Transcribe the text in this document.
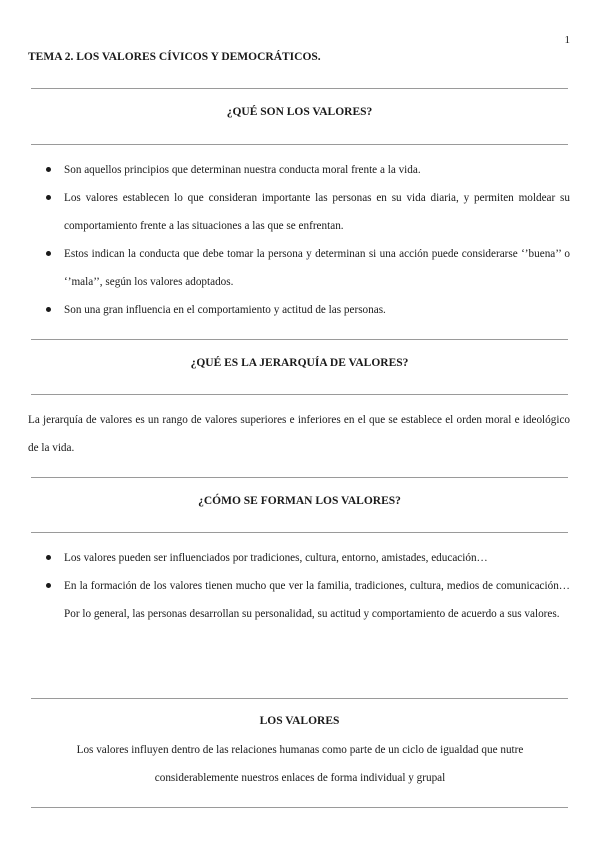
1
TEMA 2. LOS VALORES CÍVICOS Y DEMOCRÁTICOS.
¿QUÉ SON LOS VALORES?
Son aquellos principios que determinan nuestra conducta moral frente a la vida.
Los valores establecen lo que consideran importante las personas en su vida diaria, y permiten moldear su comportamiento frente a las situaciones a las que se enfrentan.
Estos indican la conducta que debe tomar la persona y determinan si una acción puede considerarse ‘’buena’’ o ‘’mala’’, según los valores adoptados.
Son una gran influencia en el comportamiento y actitud de las personas.
¿QUÉ ES LA JERARQUÍA DE VALORES?

La jerarquía de valores es un rango de valores superiores e inferiores en el que se establece el orden moral e ideológico de la vida.

¿CÓMO SE FORMAN LOS VALORES?
Los valores pueden ser influenciados por tradiciones, cultura, entorno, amistades, educación…
En la formación de los valores tienen mucho que ver la familia, tradiciones, cultura, medios de comunicación… Por lo general, las personas desarrollan su personalidad, su actitud y comportamiento de acuerdo a sus valores.
LOS VALORES

Los valores influyen dentro de las relaciones humanas como parte de un ciclo de igualdad que nutre considerablemente nuestros enlaces de forma individual y grupal
